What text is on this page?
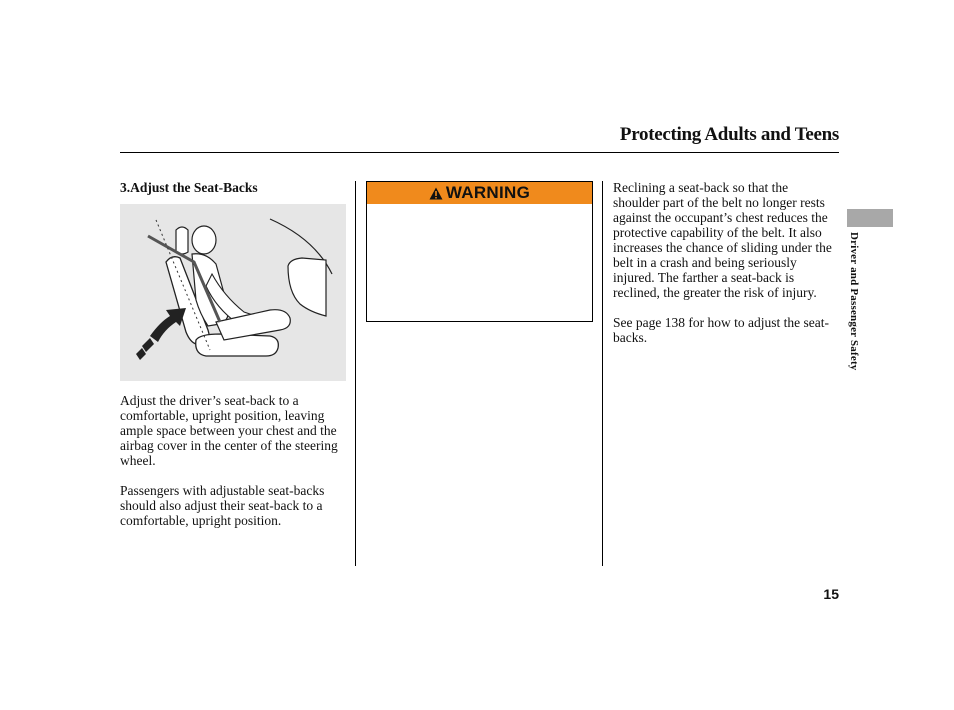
Protecting Adults and Teens
3.Adjust the Seat-Backs

Adjust the driver’s seat-back to a comfortable, upright position, leaving ample space between your chest and the airbag cover in the center of the steering wheel.

Passengers with adjustable seat-backs should also adjust their seat-back to a comfortable, upright position.

WARNING	Reclining a seat-back so that the shoulder part of the belt no longer rests against the occupant’s chest reduces the protective capability of the belt. It also increases the chance of sliding under the belt in a crash and being seriously injured. The farther a seat-back is reclined, the greater the risk of injury.

See page 138 for how to adjust the seat-backs.	Driver and Passenger Safety
15
